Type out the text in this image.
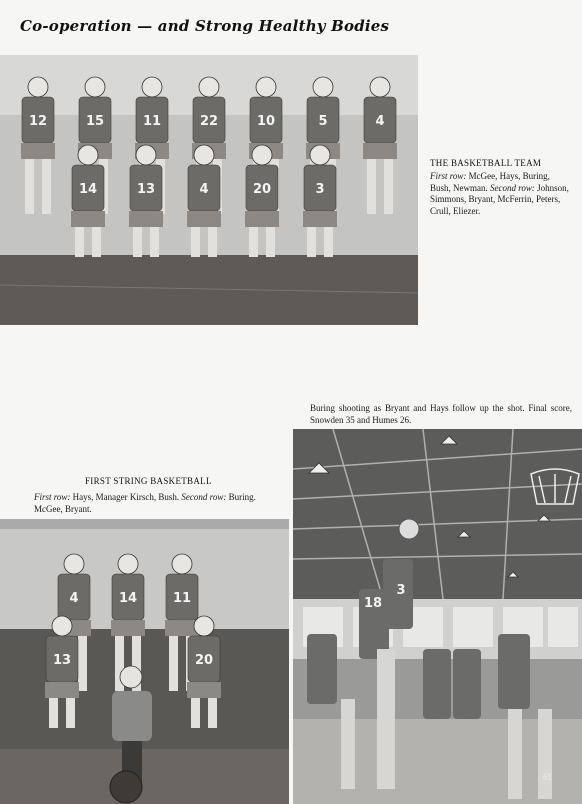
Co-operation — and Strong Healthy Bodies
12	15	11	22	10	5	4
14	13	4	20	3
THE BASKETBALL TEAM
First row: McGee, Hays, Buring, Bush, Newman. Second row: Johnson, Simmons, Bryant, McFerrin, Peters, Crull, Eliezer.
Buring shooting as Bryant and Hays follow up the shot. Final score, Snowden 35 and Humes 26.
18
3
FIRST STRING BASKETBALL
First row: Hays, Manager Kirsch, Bush. Second row: Buring. McGee, Bryant.
4	14	11
13	20
61
